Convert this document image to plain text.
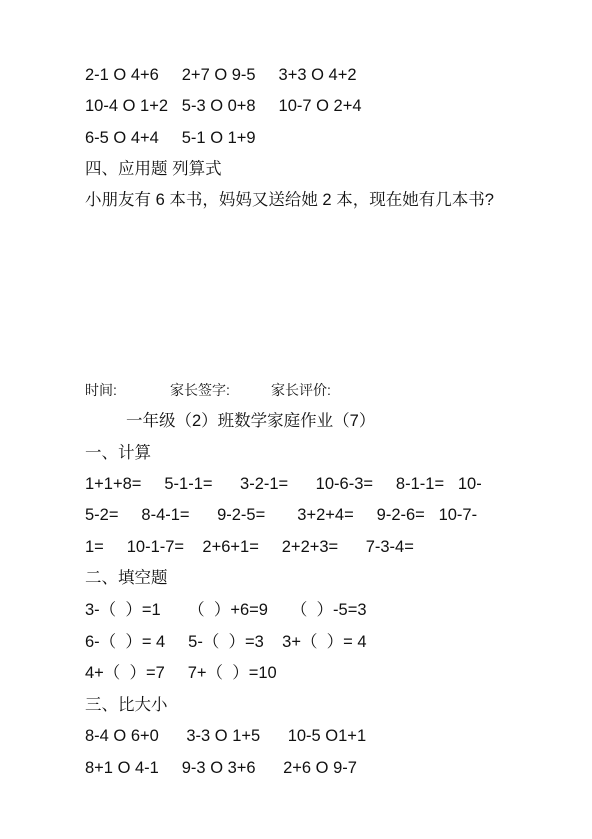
2-1 O 4+6     2+7 O 9-5     3+3 O 4+2
10-4 O 1+2   5-3 O 0+8     10-7 O 2+4
6-5 O 4+4     5-1 O 1+9
四、应用题 列算式
小朋友有 6 本书，妈妈又送给她 2 本，现在她有几本书?
时间:	家长签字:	家长评价:
一年级（2）班数学家庭作业（7）
一、计算
1+1+8=     5-1-1=      3-2-1=      10-6-3=     8-1-1=   10-
5-2=     8-4-1=      9-2-5=       3+2+4=     9-2-6=   10-7-
1=     10-1-7=    2+6+1=     2+2+3=      7-3-4=
二、填空题
3-（  ）=1      （  ）+6=9     （  ）-5=3
6-（  ）= 4     5-（  ）=3    3+（  ）= 4
4+（  ）=7     7+（  ）=10
三、比大小
8-4 O 6+0      3-3 O 1+5      10-5 O1+1
8+1 O 4-1     9-3 O 3+6      2+6 O 9-7
